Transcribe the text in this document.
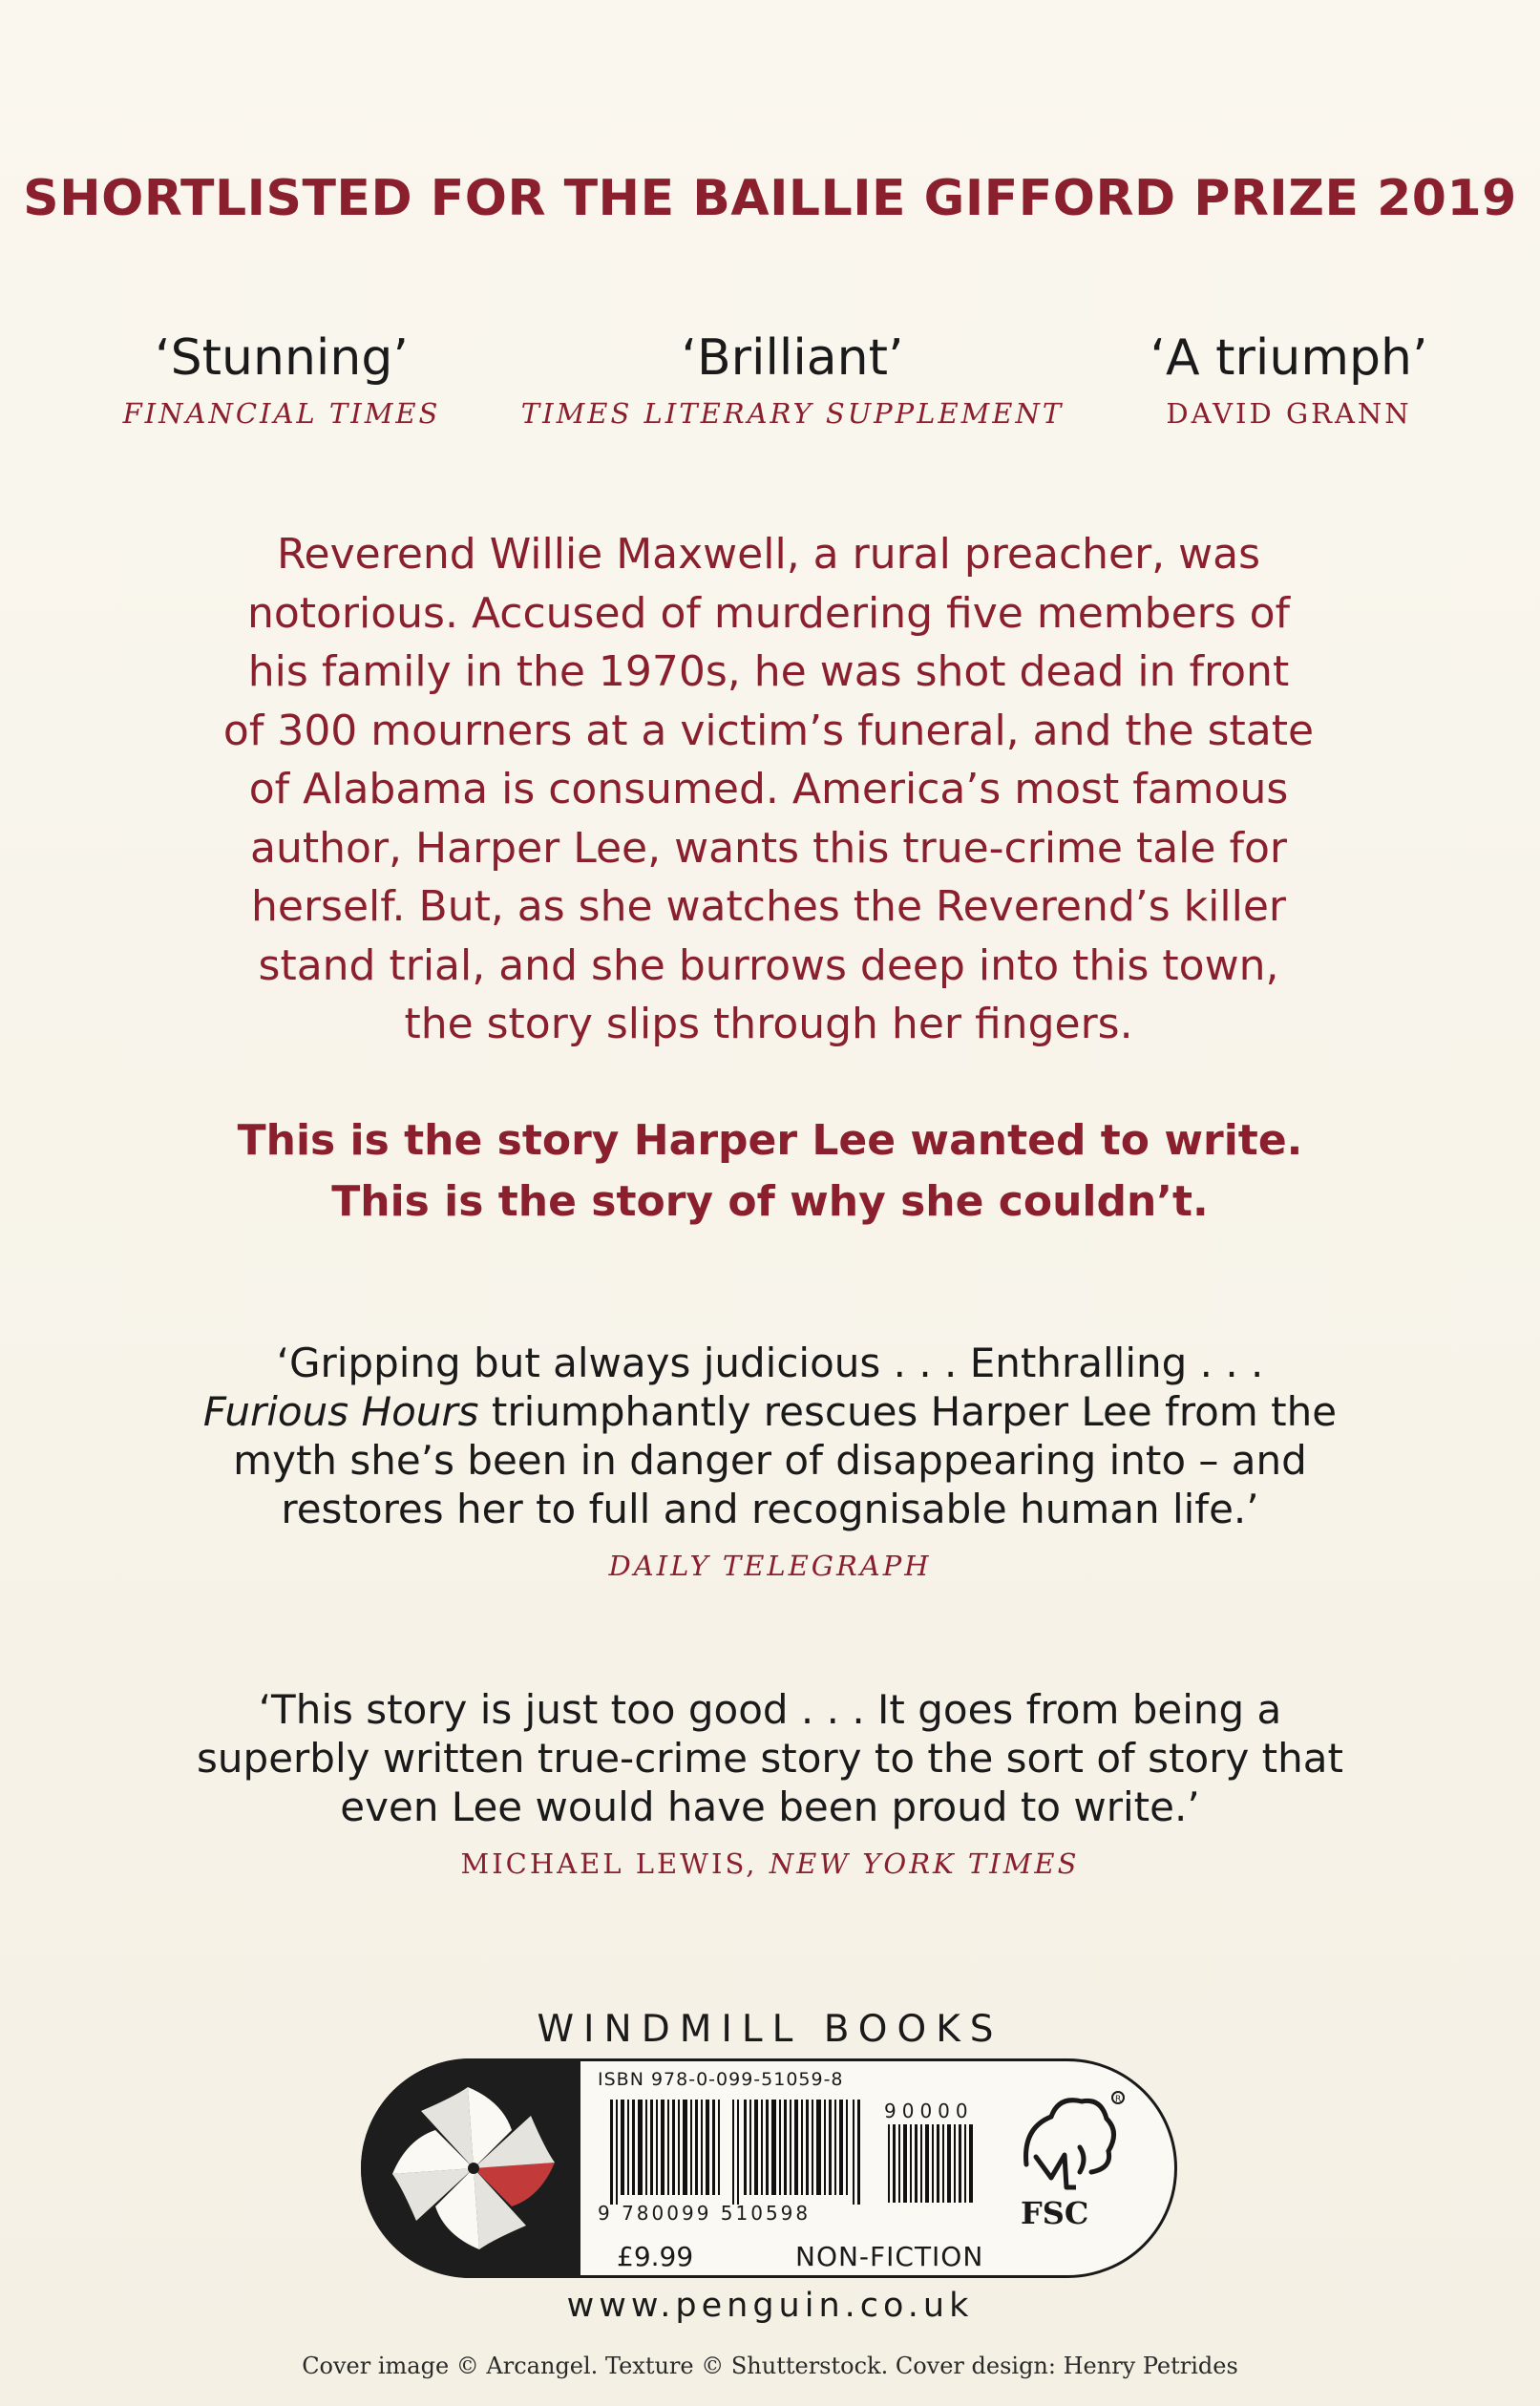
SHORTLISTED FOR THE BAILLIE GIFFORD PRIZE 2019
‘Stunning’
FINANCIAL TIMES
‘Brilliant’
TIMES LITERARY SUPPLEMENT
‘A triumph’
DAVID GRANN
Reverend Willie Maxwell, a rural preacher, was
notorious. Accused of murdering five members of
his family in the 1970s, he was shot dead in front
of 300 mourners at a victim’s funeral, and the state
of Alabama is consumed. America’s most famous
author, Harper Lee, wants this true-crime tale for
herself. But, as she watches the Reverend’s killer
stand trial, and she burrows deep into this town,
the story slips through her fingers.
This is the story Harper Lee wanted to write.
This is the story of why she couldn’t.
‘Gripping but always judicious . . . Enthralling . . .
Furious Hours triumphantly rescues Harper Lee from the
myth she’s been in danger of disappearing into – and
restores her to full and recognisable human life.’
DAILY TELEGRAPH
‘This story is just too good . . . It goes from being a
superbly written true-crime story to the sort of story that
even Lee would have been proud to write.’
MICHAEL LEWIS, NEW YORK TIMES
WINDMILL BOOKS
ISBN 978-0-099-51059-8
9 780099 510598
90000
£9.99	NON-FICTION
R
FSC
www.penguin.co.uk
Cover image © Arcangel. Texture © Shutterstock. Cover design: Henry Petrides
